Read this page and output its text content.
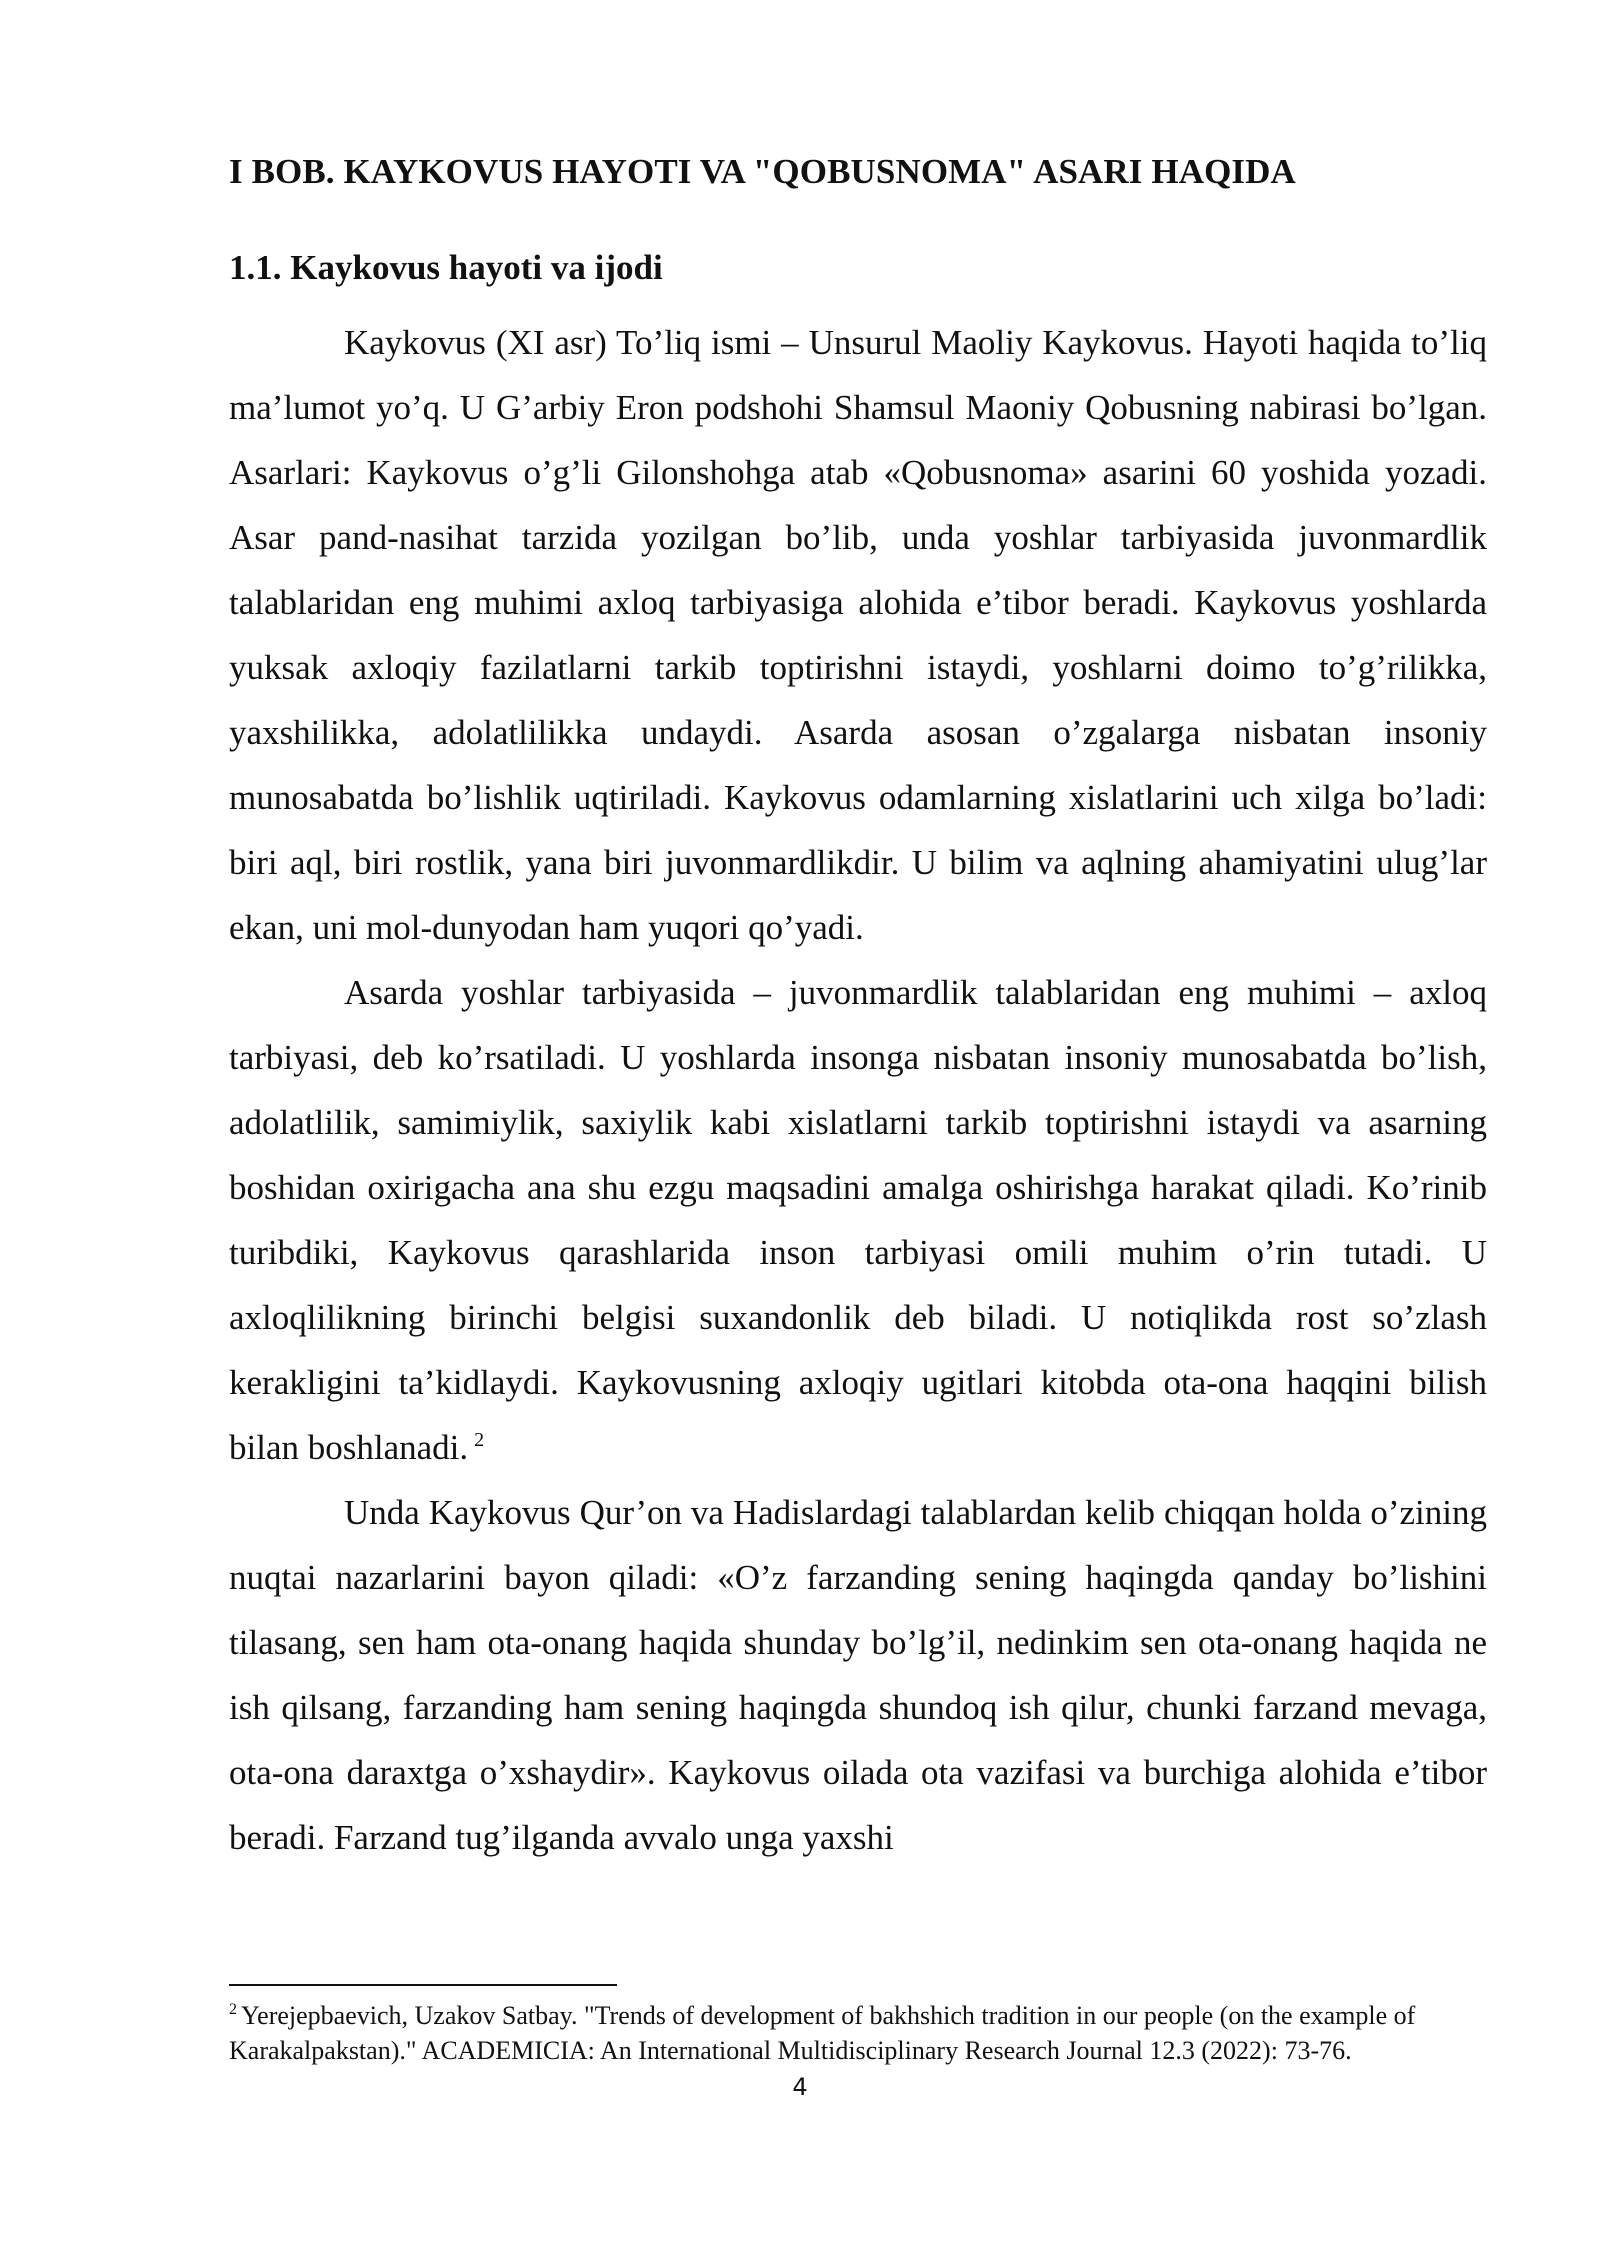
I BOB. KAYKOVUS HAYOTI VA "QOBUSNOMA" ASARI HAQIDA
1.1. Kaykovus hayoti va ijodi

Kaykovus (XI asr) To’liq ismi – Unsurul Maoliy Kaykovus. Hayoti haqida to’liq ma’lumot yo’q. U G’arbiy Eron podshohi Shamsul Maoniy Qobusning nabirasi bo’lgan. Asarlari: Kaykovus o’g’li Gilonshohga atab «Qobusnoma» asarini 60 yoshida yozadi. Asar pand-nasihat tarzida yozilgan bo’lib, unda yoshlar tarbiyasida juvonmardlik talablaridan eng muhimi axloq tarbiyasiga alohida e’tibor beradi. Kaykovus yoshlarda yuksak axloqiy fazilatlarni tarkib toptirishni istaydi, yoshlarni doimo to’g’rilikka, yaxshilikka, adolatlilikka undaydi. Asarda asosan o’zgalarga nisbatan insoniy munosabatda bo’lishlik uqtiriladi. Kaykovus odamlarning xislatlarini uch xilga bo’ladi: biri aql, biri rostlik, yana biri juvonmardlikdir. U bilim va aqlning ahamiyatini ulug’lar ekan, uni mol-dunyodan ham yuqori qo’yadi.

Asarda yoshlar tarbiyasida – juvonmardlik talablaridan eng muhimi – axloq tarbiyasi, deb ko’rsatiladi. U yoshlarda insonga nisbatan insoniy munosabatda bo’lish, adolatlilik, samimiylik, saxiylik kabi xislatlarni tarkib toptirishni istaydi va asarning boshidan oxirigacha ana shu ezgu maqsadini amalga oshirishga harakat qiladi. Ko’rinib turibdiki, Kaykovus qarashlarida inson tarbiyasi omili muhim o’rin tutadi. U axloqlilikning birinchi belgisi suxandonlik deb biladi. U notiqlikda rost so’zlash kerakligini ta’kidlaydi. Kaykovusning axloqiy ugitlari kitobda ota-ona haqqini bilish bilan boshlanadi. $^2$

Unda Kaykovus Qur’on va Hadislardagi talablardan kelib chiqqan holda o’zining nuqtai nazarlarini bayon qiladi: «O’z farzanding sening haqingda qanday bo’lishini tilasang, sen ham ota-onang haqida shunday bo’lg’il, nedinkim sen ota-onang haqida ne ish qilsang, farzanding ham sening haqingda shundoq ish qilur, chunki farzand mevaga, ota-ona daraxtga o’xshaydir». Kaykovus oilada ota vazifasi va burchiga alohida e’tibor beradi. Farzand tug’ilganda avvalo unga yaxshi

$^2$ Yerejepbaevich, Uzakov Satbay. "Trends of development of bakhshich tradition in our people (on the example of Karakalpakstan)." ACADEMICIA: An International Multidisciplinary Research Journal 12.3 (2022): 73-76.

4
